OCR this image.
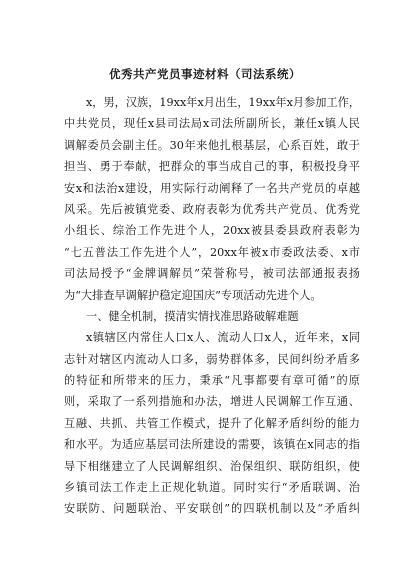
优秀共产党员事迹材料（司法系统）
x，男，汉族，19xx年x月出生，19xx年x月参加工作，
中共党员，现任x县司法局x司法所副所长，兼任x镇人民
调解委员会副主任。30年来他扎根基层，心系百姓，敢于
担当、勇于奉献，把群众的事当成自己的事，积极投身平
安x和法治x建设，用实际行动阐释了一名共产党员的卓越
风采。先后被镇党委、政府表彰为优秀共产党员、优秀党
小组长、综治工作先进个人，20xx被县委县政府表彰为
“七五普法工作先进个人”，20xx年被x市委政法委、x市
司法局授予“金牌调解员”荣誉称号，被司法部通报表扬
为“大排查早调解护稳定迎国庆”专项活动先进个人。
一、健全机制，摸清实情找准思路破解难题
x镇辖区内常住人口x人、流动人口x人，近年来，x同
志针对辖区内流动人口多，弱势群体多，民间纠纷矛盾多
的特征和所带来的压力，秉承“凡事都要有章可循”的原
则，采取了一系列措施和办法，增进人民调解工作互通、
互融、共抓、共管工作模式，提升了化解矛盾纠纷的能力
和水平。为适应基层司法所建设的需要，该镇在x同志的指
导下相继建立了人民调解组织、治保组织、联防组织，使
乡镇司法工作走上正规化轨道。同时实行“矛盾联调、治
安联防、问题联治、平安联创”的四联机制以及“矛盾纠
